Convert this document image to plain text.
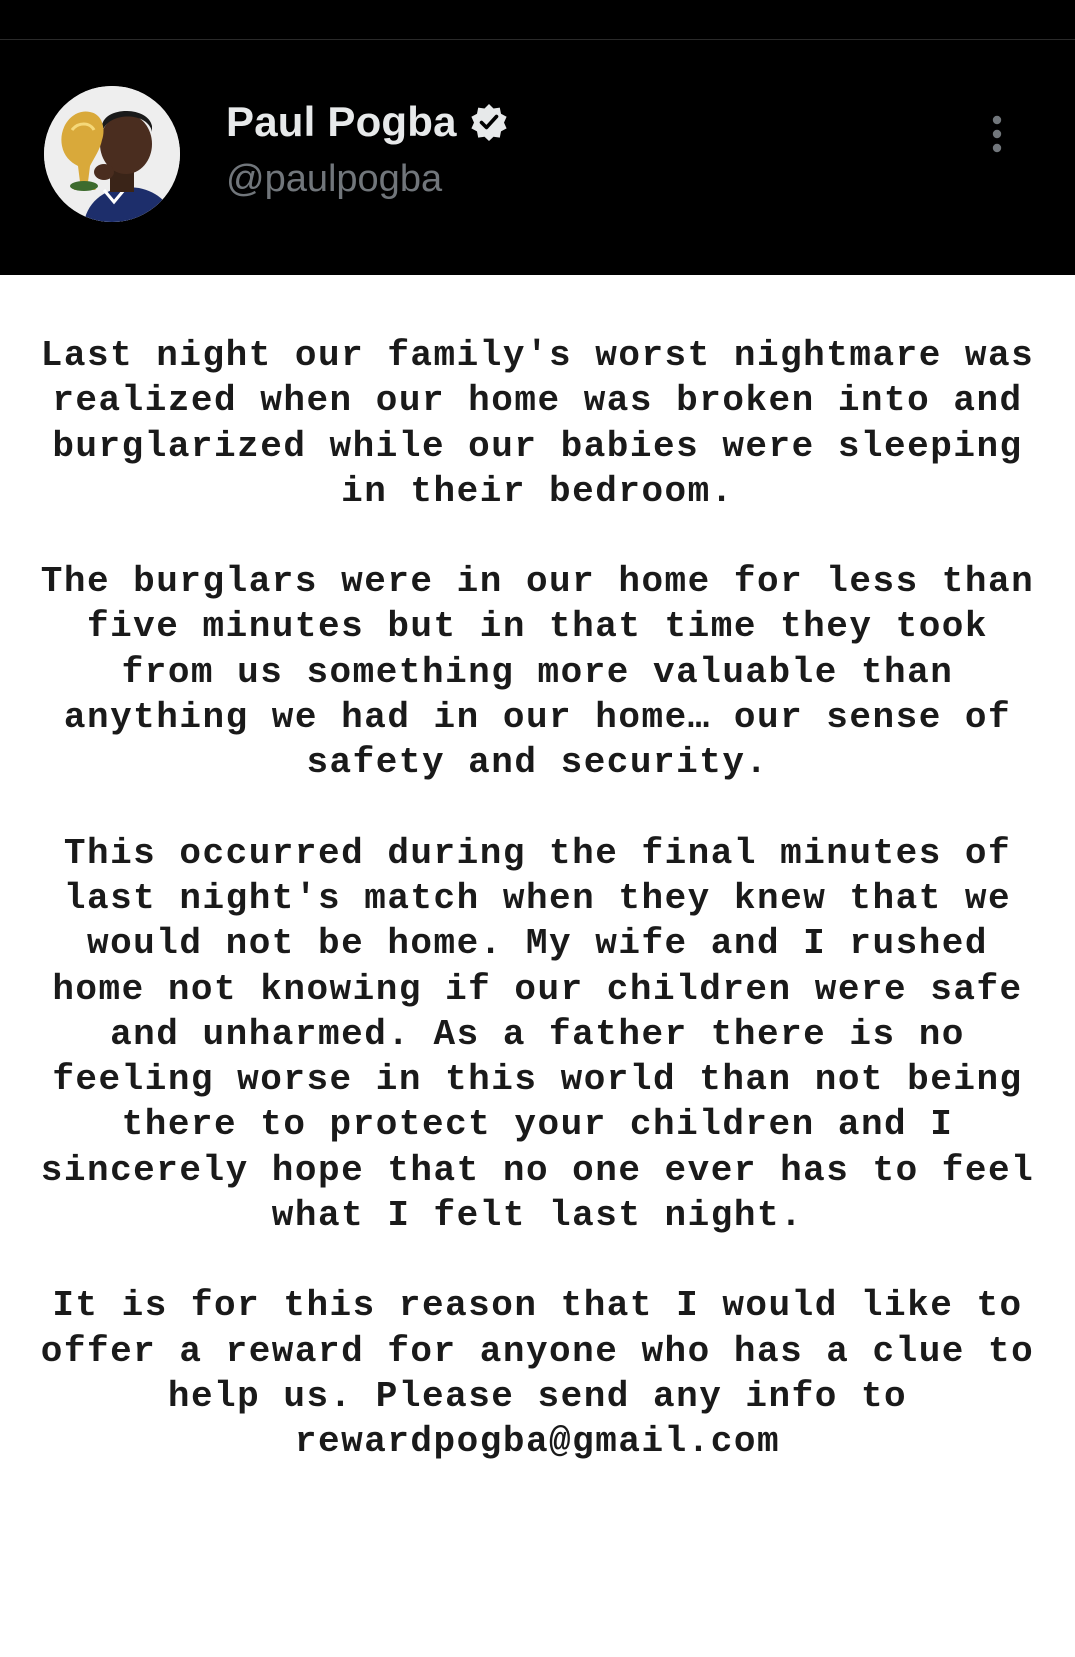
Paul Pogba
@paulpogba

Last night our family's worst nightmare was realized when our home was broken into and burglarized while our babies were sleeping in their bedroom.

The burglars were in our home for less than five minutes but in that time they took from us something more valuable than anything we had in our home… our sense of safety and security.

This occurred during the final minutes of last night's match when they knew that we would not be home. My wife and I rushed home not knowing if our children were safe and unharmed. As a father there is no feeling worse in this world than not being there to protect your children and I sincerely hope that no one ever has to feel what I felt last night.

It is for this reason that I would like to offer a reward for anyone who has a clue to help us. Please send any info to rewardpogba@gmail.com
